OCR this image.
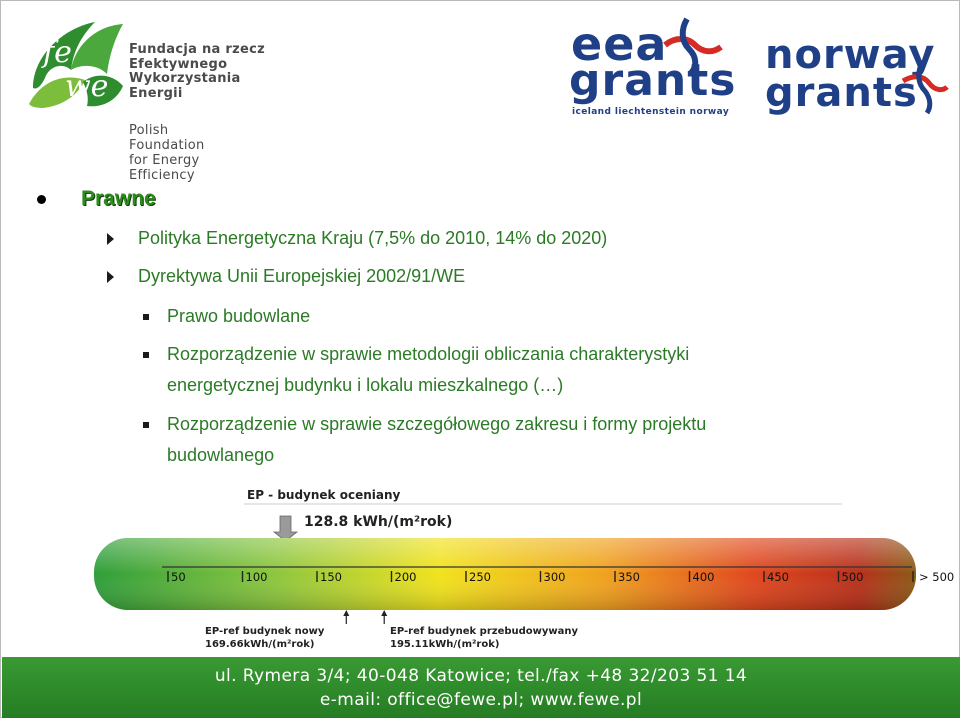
fe
we
Fundacja na rzecz
Efektywnego
Wykorzystania
Energii
Polish
Foundation
for Energy
Efficiency
eea
grants
iceland liechtenstein norway
norway
grants
Prawne
Polityka Energetyczna Kraju (7,5% do 2010, 14% do 2020)
Dyrektywa Unii Europejskiej 2002/91/WE
Prawo budowlane
Rozporządzenie w sprawie metodologii obliczania charakterystyki
energetycznej budynku i lokalu mieszkalnego (…)
Rozporządzenie w sprawie szczegółowego zakresu i formy projektu
budowlanego
EP - budynek oceniany
128.8 kWh/(m²rok)
50	100	150	200	250	300	350	400	450	500	> 500
EP-ref budynek nowy
169.66kWh/(m²rok)
EP-ref budynek przebudowywany
195.11kWh/(m²rok)
ul. Rymera 3/4; 40-048 Katowice; tel./fax +48 32/203 51 14
e-mail: office@fewe.pl; www.fewe.pl
